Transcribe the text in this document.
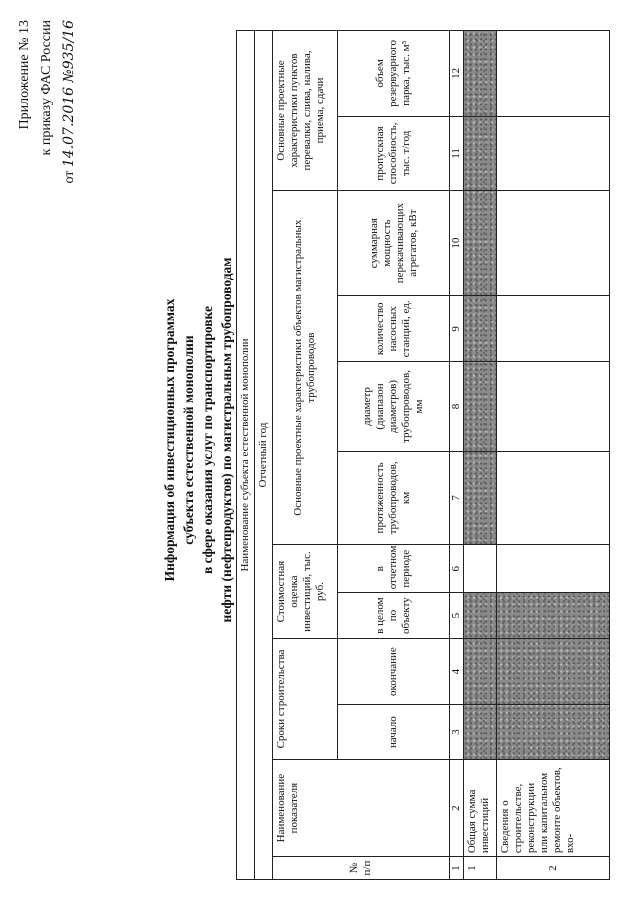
Приложение № 13 к приказу ФАС России
от 14.07.2016 №935/16
Информация об инвестиционных программах субъекта естественной монополии в сфере оказания услуг по транспортировке нефти (нефтепродуктов) по магистральным трубопроводам Наименование субъекта естественной монополии											
Отчетный год											
№ п/п	Наименование показателя	Сроки строительства		Стоимостная оценка инвестиций, тыс. руб.		Основные проектные характеристики объектов магистральных трубопроводов				Основные проектные характеристики пунктов перевалки, слива, налива, приема, сдачи	
		начало	окончание	в целом по объекту	в отчетном периоде	протяженность трубопроводов, км	диаметр (диапазон диаметров) трубопроводов, мм	количество насосных станций, ед.	суммарная мощность перекачивающих агрегатов, кВт	пропускная способность, тыс. т/год	объем резервуарного парка, тыс. м³
1	2	3	4	5	6	7	8	9	10	11	12
1	Общая сумма инвестиций										
2	Сведения о строительстве, реконструкции или капитальном ремонте объектов, вхо-										
